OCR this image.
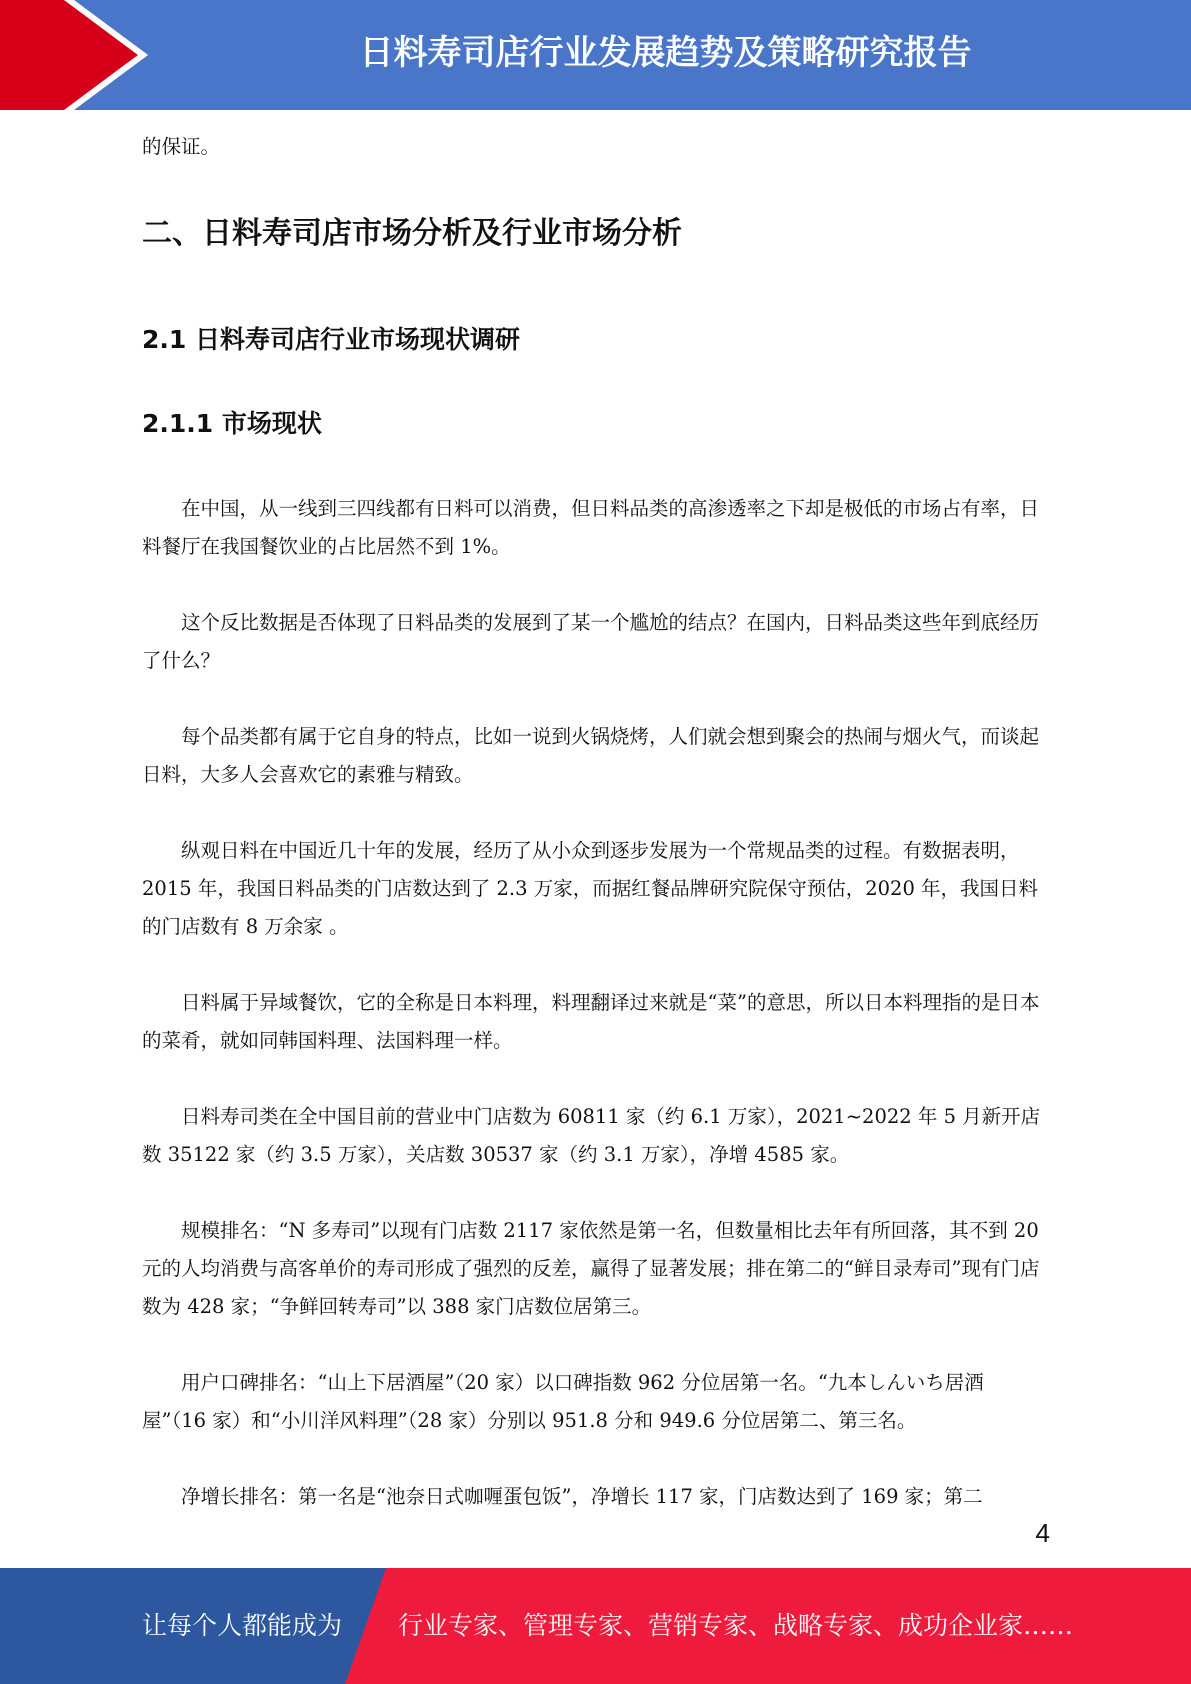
日料寿司店行业发展趋势及策略研究报告

的保证。

二、日料寿司店市场分析及行业市场分析
2.1 日料寿司店行业市场现状调研
2.1.1 市场现状

在中国，从一线到三四线都有日料可以消费，但日料品类的高渗透率之下却是极低的市场占有率，日料餐厅在我国餐饮业的占比居然不到 1%。

这个反比数据是否体现了日料品类的发展到了某一个尴尬的结点？在国内，日料品类这些年到底经历了什么？

每个品类都有属于它自身的特点，比如一说到火锅烧烤，人们就会想到聚会的热闹与烟火气，而谈起日料，大多人会喜欢它的素雅与精致。

纵观日料在中国近几十年的发展，经历了从小众到逐步发展为一个常规品类的过程。有数据表明，2015 年，我国日料品类的门店数达到了 2.3 万家，而据红餐品牌研究院保守预估，2020 年，我国日料的门店数有 8 万余家 。

日料属于异域餐饮，它的全称是日本料理，料理翻译过来就是“菜”的意思，所以日本料理指的是日本的菜肴，就如同韩国料理、法国料理一样。

日料寿司类在全中国目前的营业中门店数为 60811 家（约 6.1 万家），2021~2022 年 5 月新开店数 35122 家（约 3.5 万家），关店数 30537 家（约 3.1 万家），净增 4585 家。

规模排名：“N 多寿司”以现有门店数 2117 家依然是第一名，但数量相比去年有所回落，其不到 20 元的人均消费与高客单价的寿司形成了强烈的反差，赢得了显著发展；排在第二的“鲜目录寿司”现有门店数为 428 家；“争鲜回转寿司”以 388 家门店数位居第三。

用户口碑排名：“山上下居酒屋”（20 家）以口碑指数 962 分位居第一名。“九本しんいち居酒屋”（16 家）和“小川洋风料理”（28 家）分别以 951.8 分和 949.6 分位居第二、第三名。

净增长排名：第一名是“池奈日式咖喱蛋包饭”，净增长 117 家，门店数达到了 169 家；第二

4
让每个人都能成为 行业专家、管理专家、营销专家、战略专家、成功企业家……
